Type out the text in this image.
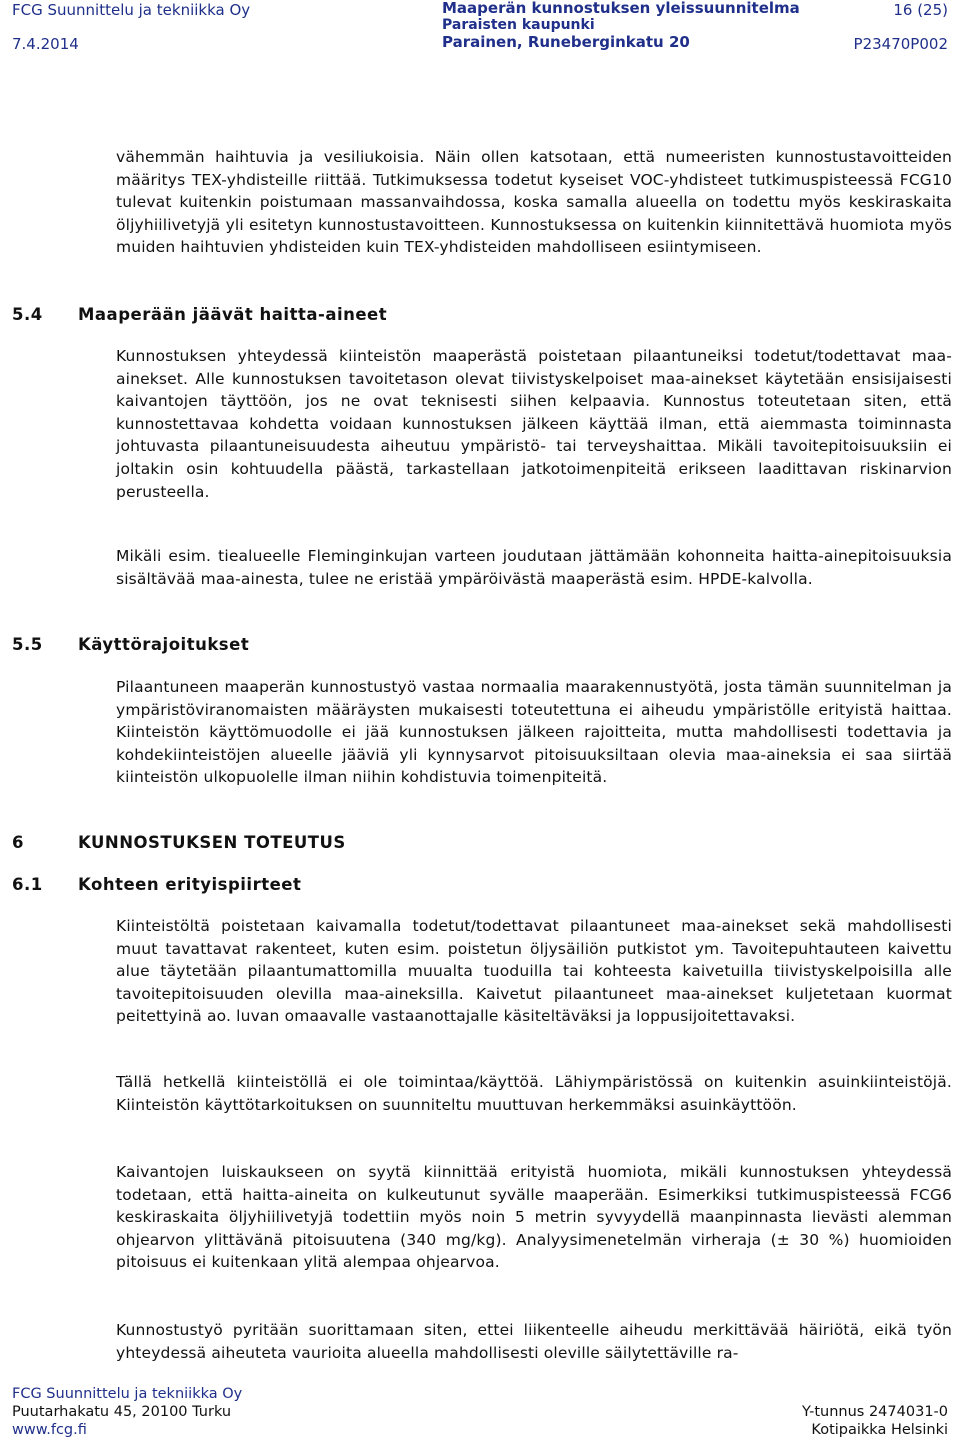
FCG Suunnittelu ja tekniikka Oy
7.4.2014
Maaperän kunnostuksen yleissuunnitelma
Paraisten kaupunki
Parainen, Runeberginkatu 20
16 (25)
P23470P002

vähemmän haihtuvia ja vesiliukoisia. Näin ollen katsotaan, että numeeristen kunnostustavoitteiden määritys TEX-yhdisteille riittää. Tutkimuksessa todetut kyseiset VOC-yhdisteet tutkimuspisteessä FCG10 tulevat kuitenkin poistumaan massanvaihdossa, koska samalla alueella on todettu myös keskiraskaita öljyhiilivetyjä yli esitetyn kunnostustavoitteen. Kunnostuksessa on kuitenkin kiinnitettävä huomiota myös muiden haihtuvien yhdisteiden kuin TEX-yhdisteiden mahdolliseen esiintymiseen.

5.4 Maaperään jäävät haitta-aineet

Kunnostuksen yhteydessä kiinteistön maaperästä poistetaan pilaantuneiksi todetut/todettavat maa-ainekset. Alle kunnostuksen tavoitetason olevat tiivistyskelpoiset maa-ainekset käytetään ensisijaisesti kaivantojen täyttöön, jos ne ovat teknisesti siihen kelpaavia. Kunnostus toteutetaan siten, että kunnostettavaa kohdetta voidaan kunnostuksen jälkeen käyttää ilman, että aiemmasta toiminnasta johtuvasta pilaantuneisuudesta aiheutuu ympäristö- tai terveyshaittaa. Mikäli tavoitepitoisuuksiin ei joltakin osin kohtuudella päästä, tarkastellaan jatkotoimenpiteitä erikseen laadittavan riskinarvion perusteella.

Mikäli esim. tiealueelle Fleminginkujan varteen joudutaan jättämään kohonneita haitta-ainepitoisuuksia sisältävää maa-ainesta, tulee ne eristää ympäröivästä maaperästä esim. HPDE-kalvolla.

5.5 Käyttörajoitukset

Pilaantuneen maaperän kunnostustyö vastaa normaalia maarakennustyötä, josta tämän suunnitelman ja ympäristöviranomaisten määräysten mukaisesti toteutettuna ei aiheudu ympäristölle erityistä haittaa. Kiinteistön käyttömuodolle ei jää kunnostuksen jälkeen rajoitteita, mutta mahdollisesti todettavia ja kohdekiinteistöjen alueelle jääviä yli kynnysarvot pitoisuuksiltaan olevia maa-aineksia ei saa siirtää kiinteistön ulkopuolelle ilman niihin kohdistuvia toimenpiteitä.

6	KUNNOSTUKSEN TOTEUTUS
6.1 Kohteen erityispiirteet

Kiinteistöltä poistetaan kaivamalla todetut/todettavat pilaantuneet maa-ainekset sekä mahdollisesti muut tavattavat rakenteet, kuten esim. poistetun öljysäiliön putkistot ym. Tavoitepuhtauteen kaivettu alue täytetään pilaantumattomilla muualta tuoduilla tai kohteesta kaivetuilla tiivistyskelpoisilla alle tavoitepitoisuuden olevilla maa-aineksilla. Kaivetut pilaantuneet maa-ainekset kuljetetaan kuormat peitettyinä ao. luvan omaavalle vastaanottajalle käsiteltäväksi ja loppusijoitettavaksi.

Tällä hetkellä kiinteistöllä ei ole toimintaa/käyttöä. Lähiympäristössä on kuitenkin asuinkiinteistöjä. Kiinteistön käyttötarkoituksen on suunniteltu muuttuvan herkemmäksi asuinkäyttöön.

Kaivantojen luiskaukseen on syytä kiinnittää erityistä huomiota, mikäli kunnostuksen yhteydessä todetaan, että haitta-aineita on kulkeutunut syvälle maaperään. Esimerkiksi tutkimuspisteessä FCG6 keskiraskaita öljyhiilivetyjä todettiin myös noin 5 metrin syvyydellä maanpinnasta lievästi alemman ohjearvon ylittävänä pitoisuutena (340 mg/kg). Analyysimenetelmän virheraja (± 30 %) huomioiden pitoisuus ei kuitenkaan ylitä alempaa ohjearvoa.

Kunnostustyö pyritään suorittamaan siten, ettei liikenteelle aiheudu merkittävää häiriötä, eikä työn yhteydessä aiheuteta vaurioita alueella mahdollisesti oleville säilytettäville ra-

FCG Suunnittelu ja tekniikka Oy
Puutarhakatu 45, 20100 Turku
www.fcg.fi
Y-tunnus 2474031-0
Kotipaikka Helsinki
